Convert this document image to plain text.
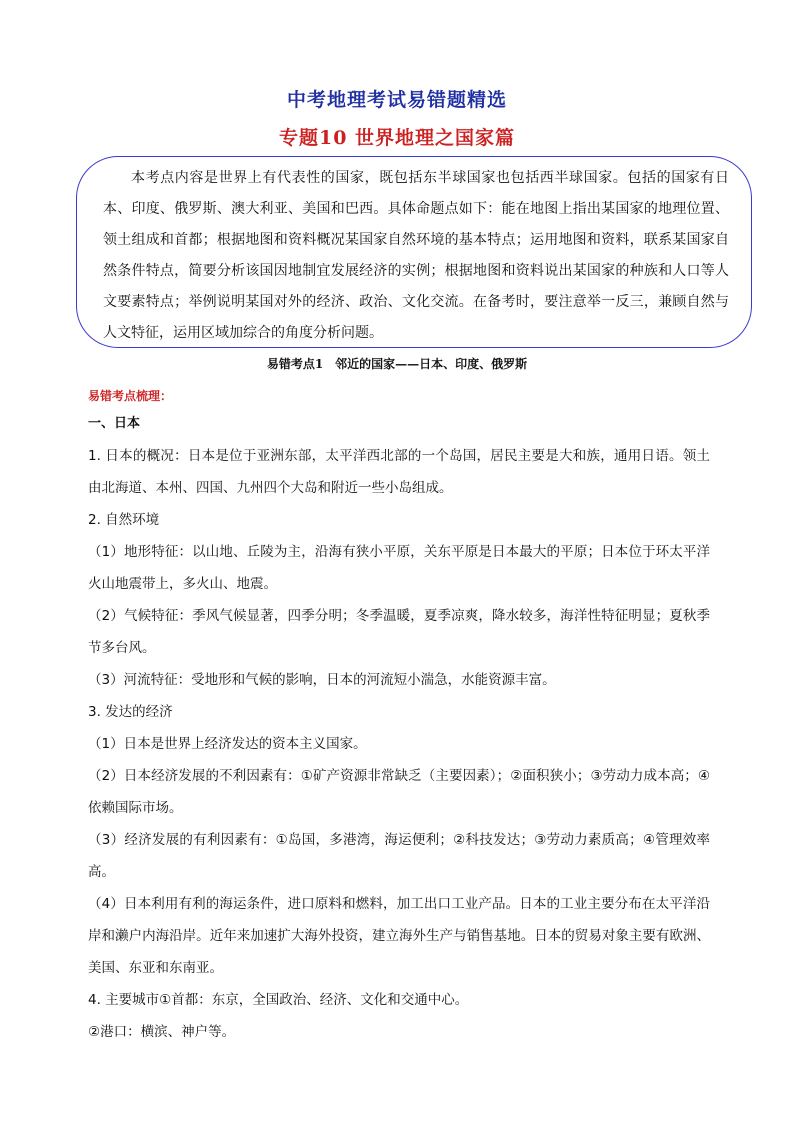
中考地理考试易错题精选
专题10 世界地理之国家篇

本考点内容是世界上有代表性的国家，既包括东半球国家也包括西半球国家。包括的国家有日本、印度、俄罗斯、澳大利亚、美国和巴西。具体命题点如下：能在地图上指出某国家的地理位置、领土组成和首都；根据地图和资料概况某国家自然环境的基本特点；运用地图和资料，联系某国家自然条件特点，简要分析该国因地制宜发展经济的实例；根据地图和资料说出某国家的种族和人口等人文要素特点；举例说明某国对外的经济、政治、文化交流。在备考时，要注意举一反三，兼顾自然与人文特征，运用区域加综合的角度分析问题。

易错考点1　邻近的国家——日本、印度、俄罗斯
易错考点梳理：
一、日本

1. 日本的概况：日本是位于亚洲东部，太平洋西北部的一个岛国，居民主要是大和族，通用日语。领土由北海道、本州、四国、九州四个大岛和附近一些小岛组成。

2. 自然环境

（1）地形特征：以山地、丘陵为主，沿海有狭小平原，关东平原是日本最大的平原；日本位于环太平洋火山地震带上，多火山、地震。

（2）气候特征：季风气候显著，四季分明；冬季温暖，夏季凉爽，降水较多，海洋性特征明显；夏秋季节多台风。

（3）河流特征：受地形和气候的影响，日本的河流短小湍急，水能资源丰富。

3. 发达的经济

（1）日本是世界上经济发达的资本主义国家。

（2）日本经济发展的不利因素有：①矿产资源非常缺乏（主要因素）；②面积狭小；③劳动力成本高；④依赖国际市场。

（3）经济发展的有利因素有：①岛国，多港湾，海运便利；②科技发达；③劳动力素质高；④管理效率高。

（4）日本利用有利的海运条件，进口原料和燃料，加工出口工业产品。日本的工业主要分布在太平洋沿岸和濑户内海沿岸。近年来加速扩大海外投资，建立海外生产与销售基地。日本的贸易对象主要有欧洲、美国、东亚和东南亚。

4. 主要城市①首都：东京，全国政治、经济、文化和交通中心。

②港口：横滨、神户等。
